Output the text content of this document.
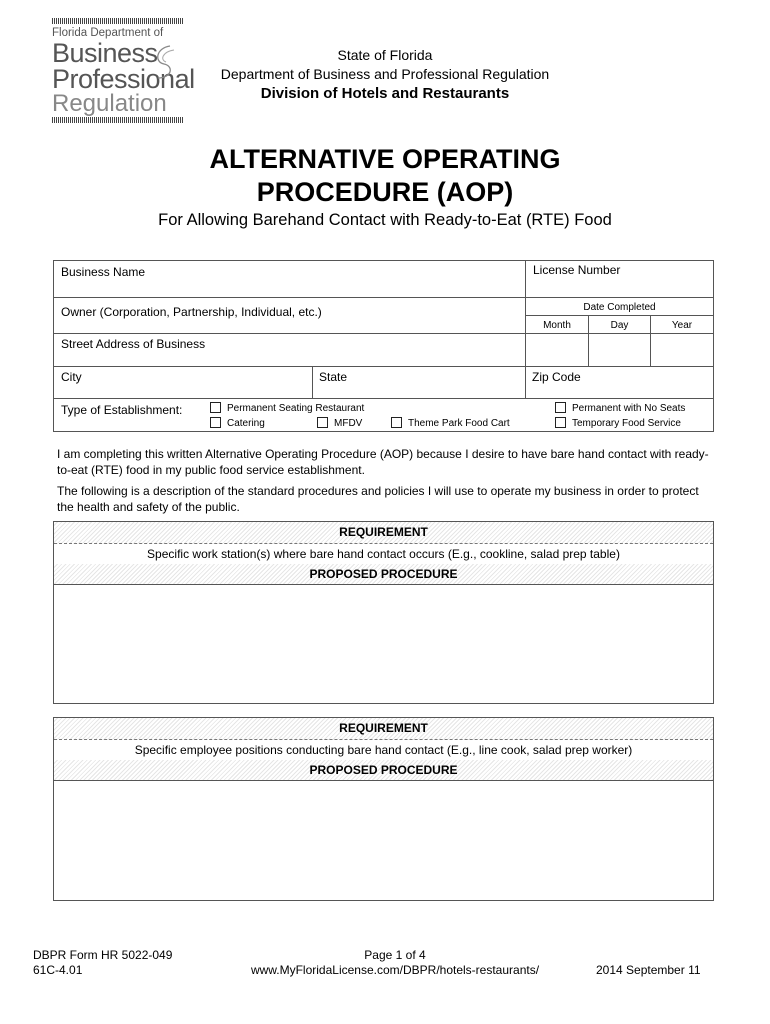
Florida Department of
Business
Professional
Regulation
State of Florida
Department of Business and Professional Regulation
Division of Hotels and Restaurants
ALTERNATIVE OPERATING
PROCEDURE (AOP)
For Allowing Barehand Contact with Ready-to-Eat (RTE) Food
Business Name	License Number
Owner (Corporation, Partnership, Individual, etc.)	Date Completed
Month	Day	Year
Street Address of Business
City	State	Zip Code
Type of Establishment:	Permanent Seating Restaurant
Catering	MFDV	Theme Park Food Cart
Permanent with No Seats
Temporary Food Service
I am completing this written Alternative Operating Procedure (AOP) because I desire to have bare hand contact with ready-to-eat (RTE) food in my public food service establishment.
The following is a description of the standard procedures and policies I will use to operate my business in order to protect the health and safety of the public.
REQUIREMENT
Specific work station(s) where bare hand contact occurs (E.g., cookline, salad prep table)
PROPOSED PROCEDURE
REQUIREMENT
Specific employee positions conducting bare hand contact (E.g., line cook, salad prep worker)
PROPOSED PROCEDURE
DBPR Form HR 5022-049
61C-4.01
Page 1 of 4
www.MyFloridaLicense.com/DBPR/hotels-restaurants/	2014 September 11
